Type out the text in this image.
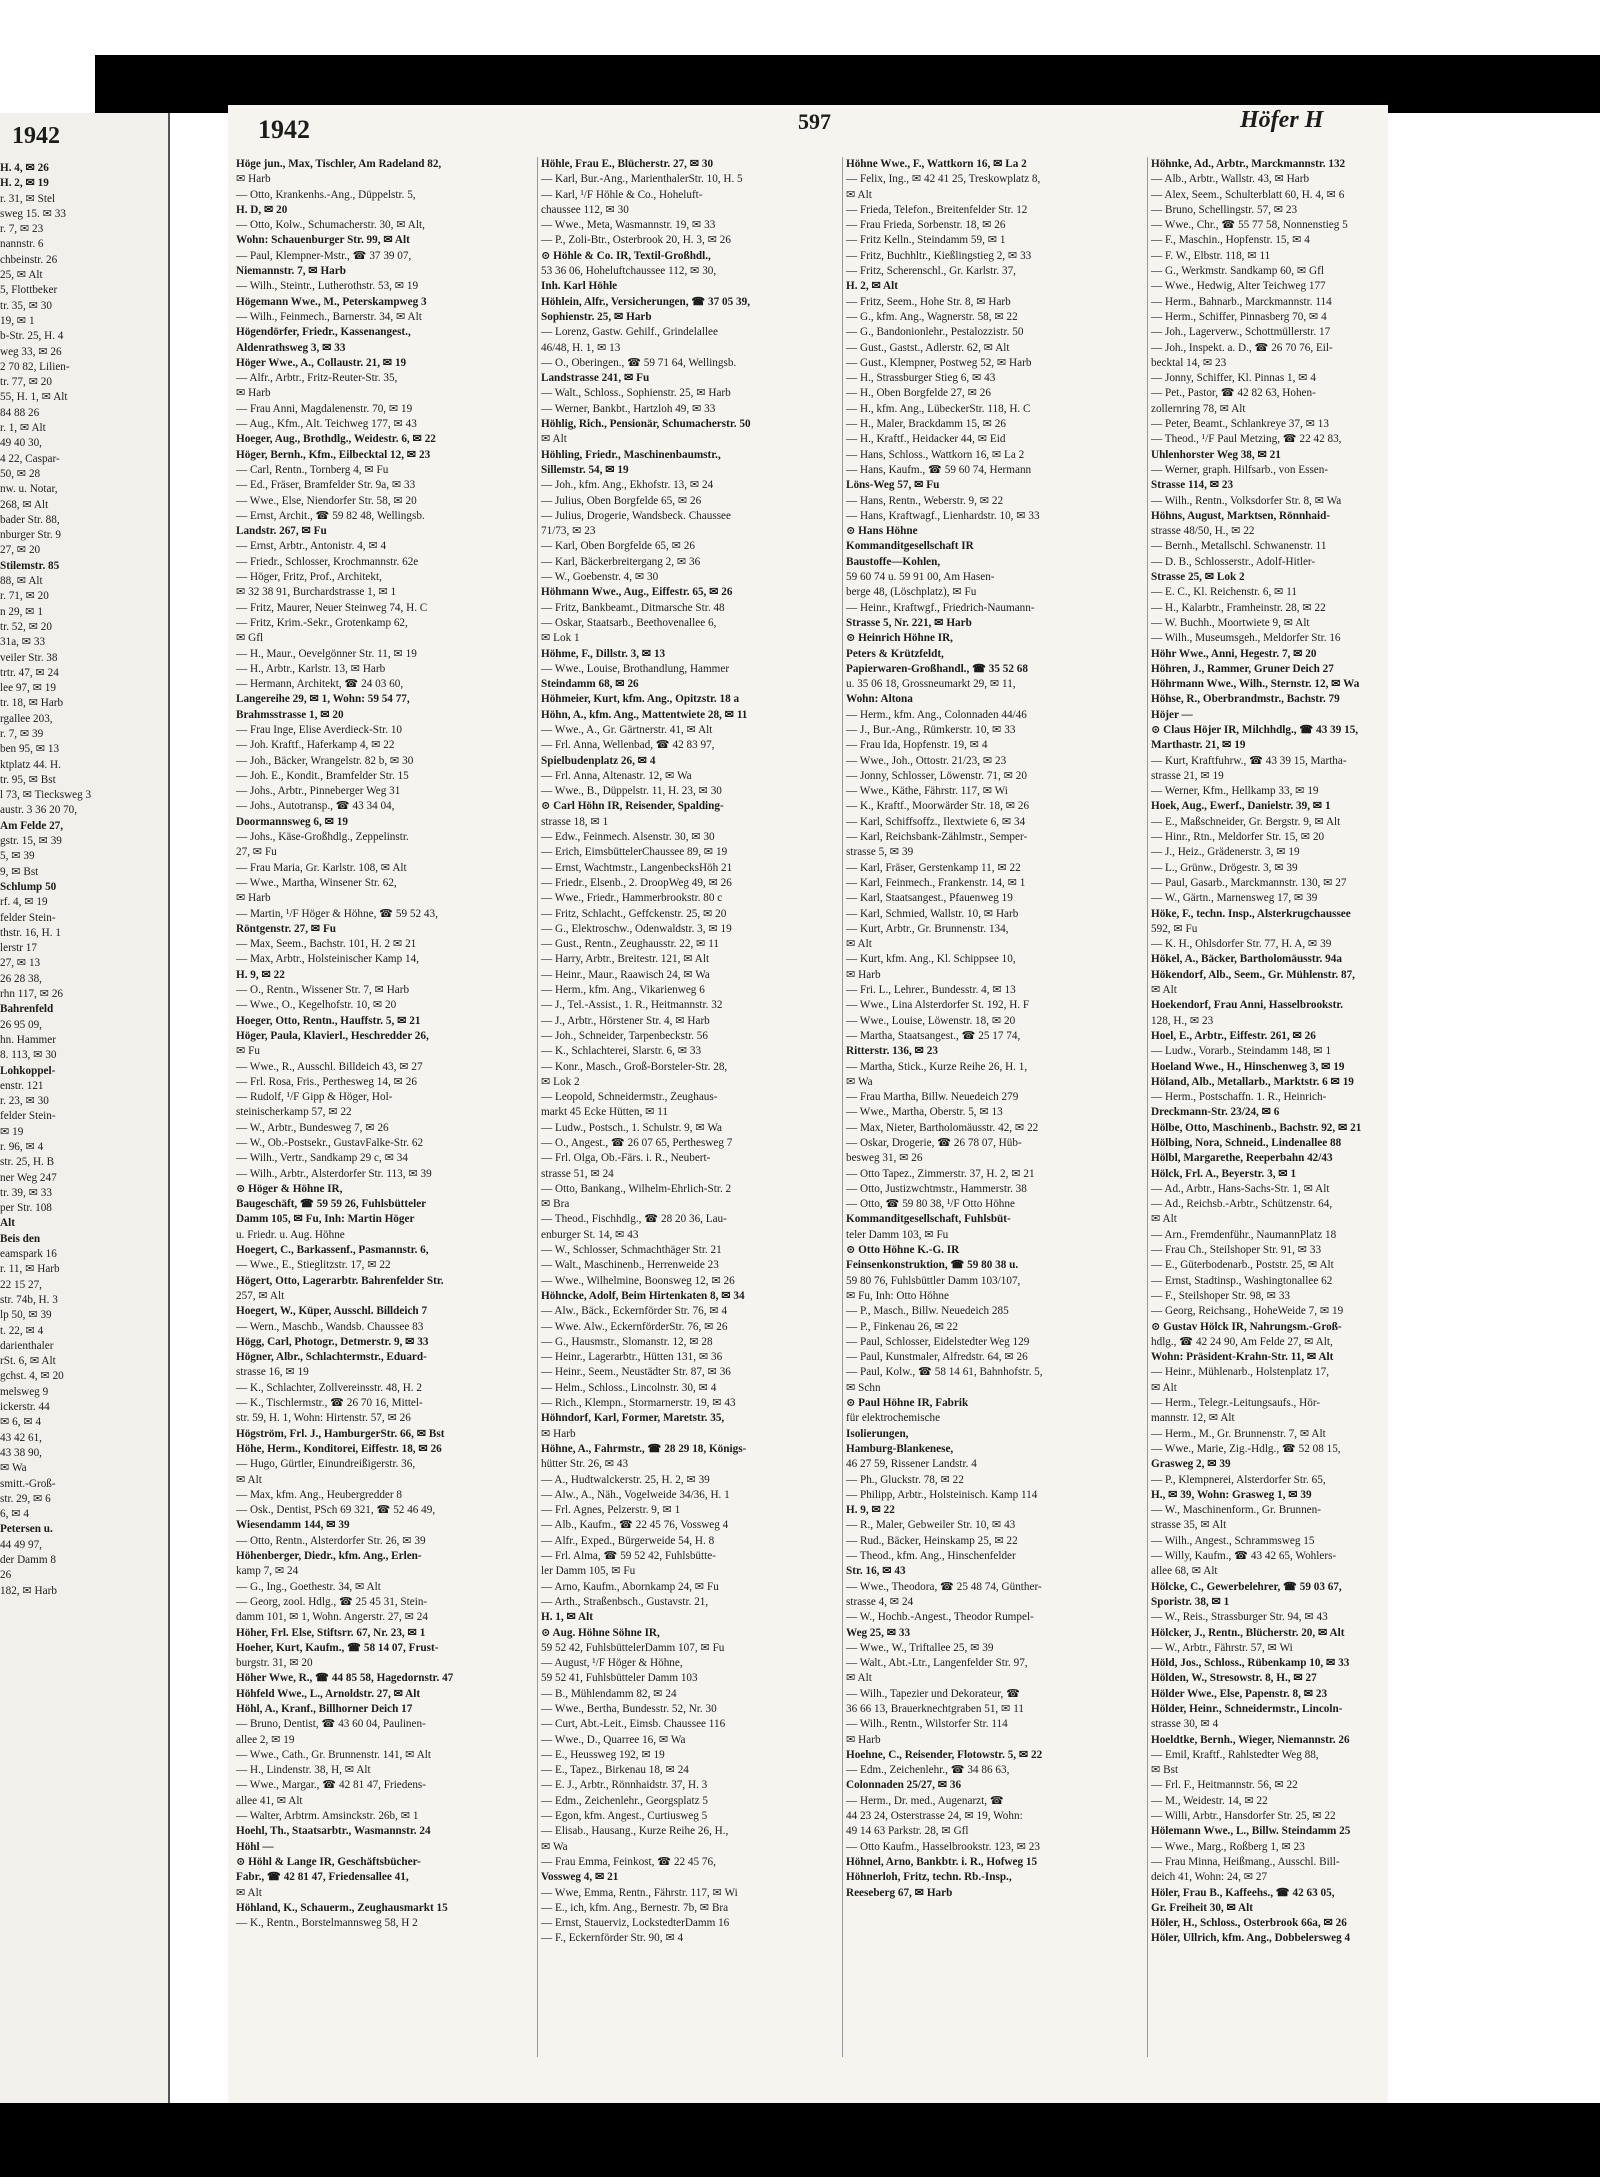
1942
H. 4, ✉ 26
H. 2, ✉ 19
r. 31, ✉ Stel
sweg 15. ✉ 33
r. 7, ✉ 23
nannstr. 6
chbeinstr. 26
25, ✉ Alt
5, Flottbeker
tr. 35, ✉ 30
19, ✉ 1
b-Str. 25, H. 4
weg 33, ✉ 26
2 70 82, Lilien-
tr. 77, ✉ 20
55, H. 1, ✉ Alt
84 88 26
r. 1, ✉ Alt
49 40 30,
4 22, Caspar-
50, ✉ 28
nw. u. Notar,
268, ✉ Alt
bader Str. 88,
nburger Str. 9
27, ✉ 20
Stilemstr. 85
88, ✉ Alt
r. 71, ✉ 20
n 29, ✉ 1
tr. 52, ✉ 20
31a, ✉ 33
veiler Str. 38
trtr. 47, ✉ 24
lee 97, ✉ 19
tr. 18, ✉ Harb
rgallee 203,
r. 7, ✉ 39
ben 95, ✉ 13
ktplatz 44. H.
tr. 95, ✉ Bst
l 73, ✉ Tiecksweg 3
austr. 3 36 20 70,
Am Felde 27,
gstr. 15, ✉ 39
5, ✉ 39
9, ✉ Bst
Schlump 50
rf. 4, ✉ 19
felder Stein-
thstr. 16, H. 1
lerstr 17
27, ✉ 13
26 28 38,
rhn 117, ✉ 26
Bahrenfeld
26 95 09,
hn. Hammer
8. 113, ✉ 30
Lohkoppel-
enstr. 121
r. 23, ✉ 30
felder Stein-
✉ 19
r. 96, ✉ 4
str. 25, H. B
ner Weg 247
tr. 39, ✉ 33
per Str. 108
Alt
Beis den
eamspark 16
r. 11, ✉ Harb
22 15 27,
str. 74b, H. 3
lp 50, ✉ 39
t. 22, ✉ 4
darienthaler
rSt. 6, ✉ Alt
gchst. 4, ✉ 20
melsweg 9
ickerstr. 44
✉ 6, ✉ 4
43 42 61,
43 38 90,
✉ Wa
smitt.-Groß-
str. 29, ✉ 6
6, ✉ 4
Petersen u.
44 49 97,
der Damm 8
26
182, ✉ Harb
1942	597	Höfer H
Höge jun., Max, Tischler, Am Radeland 82,
✉ Harb
— Otto, Krankenhs.-Ang., Düppelstr. 5,
H. D, ✉ 20
— Otto, Kolw., Schumacherstr. 30, ✉ Alt,
Wohn: Schauenburger Str. 99, ✉ Alt
— Paul, Klempner-Mstr., ☎ 37 39 07,
Niemannstr. 7, ✉ Harb
— Wilh., Steintr., Lutherothstr. 53, ✉ 19
Högemann Wwe., M., Peterskampweg 3
— Wilh., Feinmech., Barnerstr. 34, ✉ Alt
Högendörfer, Friedr., Kassenangest.,
Aldenrathsweg 3, ✉ 33
Höger Wwe., A., Collaustr. 21, ✉ 19
— Alfr., Arbtr., Fritz-Reuter-Str. 35,
✉ Harb
— Frau Anni, Magdalenenstr. 70, ✉ 19
— Aug., Kfm., Alt. Teichweg 177, ✉ 43
Hoeger, Aug., Brothdlg., Weidestr. 6, ✉ 22
Höger, Bernh., Kfm., Eilbecktal 12, ✉ 23
— Carl, Rentn., Tornberg 4, ✉ Fu
— Ed., Fräser, Bramfelder Str. 9a, ✉ 33
— Wwe., Else, Niendorfer Str. 58, ✉ 20
— Ernst, Archit., ☎ 59 82 48, Wellingsb.
Landstr. 267, ✉ Fu
— Ernst, Arbtr., Antonistr. 4, ✉ 4
— Friedr., Schlosser, Krochmannstr. 62e
— Höger, Fritz, Prof., Architekt,
✉ 32 38 91, Burchardstrasse 1, ✉ 1
— Fritz, Maurer, Neuer Steinweg 74, H. C
— Fritz, Krim.-Sekr., Grotenkamp 62,
✉ Gfl
— H., Maur., Oevelgönner Str. 11, ✉ 19
— H., Arbtr., Karlstr. 13, ✉ Harb
— Hermann, Architekt, ☎ 24 03 60,
Langereihe 29, ✉ 1, Wohn: 59 54 77,
Brahmsstrasse 1, ✉ 20
— Frau Inge, Elise Averdieck-Str. 10
— Joh. Kraftf., Haferkamp 4, ✉ 22
— Joh., Bäcker, Wrangelstr. 82 b, ✉ 30
— Joh. E., Kondit., Bramfelder Str. 15
— Johs., Arbtr., Pinneberger Weg 31
— Johs., Autotransp., ☎ 43 34 04,
Doormannsweg 6, ✉ 19
— Johs., Käse-Großhdlg., Zeppelinstr.
27, ✉ Fu
— Frau Maria, Gr. Karlstr. 108, ✉ Alt
— Wwe., Martha, Winsener Str. 62,
✉ Harb
— Martin, ¹/F Höger & Höhne, ☎ 59 52 43,
Röntgenstr. 27, ✉ Fu
— Max, Seem., Bachstr. 101, H. 2 ✉ 21
— Max, Arbtr., Holsteinischer Kamp 14,
H. 9, ✉ 22
— O., Rentn., Wissener Str. 7, ✉ Harb
— Wwe., O., Kegelhofstr. 10, ✉ 20
Hoeger, Otto, Rentn., Hauffstr. 5, ✉ 21
Höger, Paula, Klavierl., Heschredder 26,
✉ Fu
— Wwe., R., Ausschl. Billdeich 43, ✉ 27
— Frl. Rosa, Fris., Perthesweg 14, ✉ 26
— Rudolf, ¹/F Gipp & Höger, Hol-
steinischerkamp 57, ✉ 22
— W., Arbtr., Bundesweg 7, ✉ 26
— W., Ob.-Postsekr., GustavFalke-Str. 62
— Wilh., Vertr., Sandkamp 29 c, ✉ 34
— Wilh., Arbtr., Alsterdorfer Str. 113, ✉ 39
⊙ Höger & Höhne IR,
Baugeschäft, ☎ 59 59 26, Fuhlsbütteler
Damm 105, ✉ Fu, Inh: Martin Höger
u. Friedr. u. Aug. Höhne
Hoegert, C., Barkassenf., Pasmannstr. 6,
— Wwe., E., Stieglitzstr. 17, ✉ 22
Högert, Otto, Lagerarbtr. Bahrenfelder Str.
257, ✉ Alt
Hoegert, W., Küper, Ausschl. Billdeich 7
— Wern., Maschb., Wandsb. Chaussee 83
Högg, Carl, Photogr., Detmerstr. 9, ✉ 33
Högner, Albr., Schlachtermstr., Eduard-
strasse 16, ✉ 19
— K., Schlachter, Zollvereinsstr. 48, H. 2
— K., Tischlermstr., ☎ 26 70 16, Mittel-
str. 59, H. 1, Wohn: Hirtenstr. 57, ✉ 26
Högström, Frl. J., HamburgerStr. 66, ✉ Bst
Höhe, Herm., Konditorei, Eiffestr. 18, ✉ 26
— Hugo, Gürtler, Einundreißigerstr. 36,
✉ Alt
— Max, kfm. Ang., Heubergredder 8
— Osk., Dentist, PSch 69 321, ☎ 52 46 49,
Wiesendamm 144, ✉ 39
— Otto, Rentn., Alsterdorfer Str. 26, ✉ 39
Höhenberger, Diedr., kfm. Ang., Erlen-
kamp 7, ✉ 24
— G., Ing., Goethestr. 34, ✉ Alt
— Georg, zool. Hdlg., ☎ 25 45 31, Stein-
damm 101, ✉ 1, Wohn. Angerstr. 27, ✉ 24
Höher, Frl. Else, Stiftsrr. 67, Nr. 23, ✉ 1
Hoeher, Kurt, Kaufm., ☎ 58 14 07, Frust-
burgstr. 31, ✉ 20
Höher Wwe, R., ☎ 44 85 58, Hagedornstr. 47
Höhfeld Wwe., L., Arnoldstr. 27, ✉ Alt
Höhl, A., Kranf., Billhorner Deich 17
— Bruno, Dentist, ☎ 43 60 04, Paulinen-
allee 2, ✉ 19
— Wwe., Cath., Gr. Brunnenstr. 141, ✉ Alt
— H., Lindenstr. 38, H, ✉ Alt
— Wwe., Margar., ☎ 42 81 47, Friedens-
allee 41, ✉ Alt
— Walter, Arbtrm. Amsinckstr. 26b, ✉ 1
Hoehl, Th., Staatsarbtr., Wasmannstr. 24
Höhl —
⊙ Höhl & Lange IR, Geschäftsbücher-
Fabr., ☎ 42 81 47, Friedensallee 41,
✉ Alt
Höhland, K., Schauerm., Zeughausmarkt 15
— K., Rentn., Borstelmannsweg 58, H 2
Höhle, Frau E., Blücherstr. 27, ✉ 30
— Karl, Bur.-Ang., MarienthalerStr. 10, H. 5
— Karl, ¹/F Höhle & Co., Hoheluft-
chaussee 112, ✉ 30
— Wwe., Meta, Wasmannstr. 19, ✉ 33
— P., Zoli-Btr., Osterbrook 20, H. 3, ✉ 26
⊙ Höhle & Co. IR, Textil-Großhdl.,
53 36 06, Hoheluftchaussee 112, ✉ 30,
Inh. Karl Höhle
Höhlein, Alfr., Versicherungen, ☎ 37 05 39,
Sophienstr. 25, ✉ Harb
— Lorenz, Gastw. Gehilf., Grindelallee
46/48, H. 1, ✉ 13
— O., Oberingen., ☎ 59 71 64, Wellingsb.
Landstrasse 241, ✉ Fu
— Walt., Schloss., Sophienstr. 25, ✉ Harb
— Werner, Bankbt., Hartzloh 49, ✉ 33
Höhlig, Rich., Pensionär, Schumacherstr. 50
✉ Alt
Höhling, Friedr., Maschinenbaumstr.,
Sillemstr. 54, ✉ 19
— Joh., kfm. Ang., Ekhofstr. 13, ✉ 24
— Julius, Oben Borgfelde 65, ✉ 26
— Julius, Drogerie, Wandsbeck. Chaussee
71/73, ✉ 23
— Karl, Oben Borgfelde 65, ✉ 26
— Karl, Bäckerbreitergang 2, ✉ 36
— W., Goebenstr. 4, ✉ 30
Höhmann Wwe., Aug., Eiffestr. 65, ✉ 26
— Fritz, Bankbeamt., Ditmarsche Str. 48
— Oskar, Staatsarb., Beethovenallee 6,
✉ Lok 1
Höhme, F., Dillstr. 3, ✉ 13
— Wwe., Louise, Brothandlung, Hammer
Steindamm 68, ✉ 26
Höhmeier, Kurt, kfm. Ang., Opitzstr. 18 a
Höhn, A., kfm. Ang., Mattentwiete 28, ✉ 11
— Wwe., A., Gr. Gärtnerstr. 41, ✉ Alt
— Frl. Anna, Wellenbad, ☎ 42 83 97,
Spielbudenplatz 26, ✉ 4
— Frl. Anna, Altenastr. 12, ✉ Wa
— Wwe., B., Düppelstr. 11, H. 23, ✉ 30
⊙ Carl Höhn IR, Reisender, Spalding-
strasse 18, ✉ 1
— Edw., Feinmech. Alsenstr. 30, ✉ 30
— Erich, EimsbüttelerChaussee 89, ✉ 19
— Ernst, Wachtmstr., LangenbecksHöh 21
— Friedr., Elsenb., 2. DroopWeg 49, ✉ 26
— Wwe., Friedr., Hammerbrookstr. 80 c
— Fritz, Schlacht., Geffckenstr. 25, ✉ 20
— G., Elektroschw., Odenwaldstr. 3, ✉ 19
— Gust., Rentn., Zeughausstr. 22, ✉ 11
— Harry, Arbtr., Breitestr. 121, ✉ Alt
— Heinr., Maur., Raawisch 24, ✉ Wa
— Herm., kfm. Ang., Vikarienweg 6
— J., Tel.-Assist., 1. R., Heitmannstr. 32
— J., Arbtr., Hörstener Str. 4, ✉ Harb
— Joh., Schneider, Tarpenbeckstr. 56
— K., Schlachterei, Slarstr. 6, ✉ 33
— Konr., Masch., Groß-Borsteler-Str. 28,
✉ Lok 2
— Leopold, Schneidermstr., Zeughaus-
markt 45 Ecke Hütten, ✉ 11
— Ludw., Postsch., 1. Schulstr. 9, ✉ Wa
— O., Angest., ☎ 26 07 65, Perthesweg 7
— Frl. Olga, Ob.-Färs. i. R., Neubert-
strasse 51, ✉ 24
— Otto, Bankang., Wilhelm-Ehrlich-Str. 2
✉ Bra
— Theod., Fischhdlg., ☎ 28 20 36, Lau-
enburger St. 14, ✉ 43
— W., Schlosser, Schmachthäger Str. 21
— Walt., Maschinenb., Herrenweide 23
— Wwe., Wilhelmine, Boonsweg 12, ✉ 26
Höhncke, Adolf, Beim Hirtenkaten 8, ✉ 34
— Alw., Bäck., Eckernförder Str. 76, ✉ 4
— Wwe. Alw., EckernförderStr. 76, ✉ 26
— G., Hausmstr., Slomanstr. 12, ✉ 28
— Heinr., Lagerarbtr., Hütten 131, ✉ 36
— Heinr., Seem., Neustädter Str. 87, ✉ 36
— Helm., Schloss., Lincolnstr. 30, ✉ 4
— Rich., Klempn., Stormarnerstr. 19, ✉ 43
Höhndorf, Karl, Former, Maretstr. 35,
✉ Harb
Höhne, A., Fahrmstr., ☎ 28 29 18, Königs-
hütter Str. 26, ✉ 43
— A., Hudtwalckerstr. 25, H. 2, ✉ 39
— Alw., A., Näh., Vogelweide 34/36, H. 1
— Frl. Agnes, Pelzerstr. 9, ✉ 1
— Alb., Kaufm., ☎ 22 45 76, Vossweg 4
— Alfr., Exped., Bürgerweide 54, H. 8
— Frl. Alma, ☎ 59 52 42, Fuhlsbütte-
ler Damm 105, ✉ Fu
— Arno, Kaufm., Abornkamp 24, ✉ Fu
— Arth., Straßenbsch., Gustavstr. 21,
H. 1, ✉ Alt
⊙ Aug. Höhne Söhne IR,
59 52 42, FuhlsbüttelerDamm 107, ✉ Fu
— August, ¹/F Höger & Höhne,
59 52 41, Fuhlsbütteler Damm 103
— B., Mühlendamm 82, ✉ 24
— Wwe., Bertha, Bundesstr. 52, Nr. 30
— Curt, Abt.-Leit., Eimsb. Chaussee 116
— Wwe., D., Quarree 16, ✉ Wa
— E., Heussweg 192, ✉ 19
— E., Tapez., Birkenau 18, ✉ 24
— E. J., Arbtr., Rönnhaidstr. 37, H. 3
— Edm., Zeichenlehr., Georgsplatz 5
— Egon, kfm. Angest., Curtiusweg 5
— Elisab., Hausang., Kurze Reihe 26, H.,
✉ Wa
— Frau Emma, Feinkost, ☎ 22 45 76,
Vossweg 4, ✉ 21
— Wwe, Emma, Rentn., Fährstr. 117, ✉ Wi
— E., ich, kfm. Ang., Bernestr. 7b, ✉ Bra
— Ernst, Stauerviz, LockstedterDamm 16
— F., Eckernförder Str. 90, ✉ 4
Höhne Wwe., F., Wattkorn 16, ✉ La 2
— Felix, Ing., ✉ 42 41 25, Treskowplatz 8,
✉ Alt
— Frieda, Telefon., Breitenfelder Str. 12
— Frau Frieda, Sorbenstr. 18, ✉ 26
— Fritz Kelln., Steindamm 59, ✉ 1
— Fritz, Buchhltr., Kießlingstieg 2, ✉ 33
— Fritz, Scherenschl., Gr. Karlstr. 37,
H. 2, ✉ Alt
— Fritz, Seem., Hohe Str. 8, ✉ Harb
— G., kfm. Ang., Wagnerstr. 58, ✉ 22
— G., Bandonionlehr., Pestalozzistr. 50
— Gust., Gastst., Adlerstr. 62, ✉ Alt
— Gust., Klempner, Postweg 52, ✉ Harb
— H., Strassburger Stieg 6, ✉ 43
— H., Oben Borgfelde 27, ✉ 26
— H., kfm. Ang., LübeckerStr. 118, H. C
— H., Maler, Brackdamm 15, ✉ 26
— H., Kraftf., Heidacker 44, ✉ Eid
— Hans, Schloss., Wattkorn 16, ✉ La 2
— Hans, Kaufm., ☎ 59 60 74, Hermann
Löns-Weg 57, ✉ Fu
— Hans, Rentn., Weberstr. 9, ✉ 22
— Hans, Kraftwagf., Lienhardstr. 10, ✉ 33
⊙ Hans Höhne
Kommanditgesellschaft IR
Baustoffe—Kohlen,
59 60 74 u. 59 91 00, Am Hasen-
berge 48, (Löschplatz), ✉ Fu
— Heinr., Kraftwgf., Friedrich-Naumann-
Strasse 5, Nr. 221, ✉ Harb
⊙ Heinrich Höhne IR,
Peters & Krützfeldt,
Papierwaren-Großhandl., ☎ 35 52 68
u. 35 06 18, Grossneumarkt 29, ✉ 11,
Wohn: Altona
— Herm., kfm. Ang., Colonnaden 44/46
— J., Bur.-Ang., Rümkerstr. 10, ✉ 33
— Frau Ida, Hopfenstr. 19, ✉ 4
— Wwe., Joh., Ottostr. 21/23, ✉ 23
— Jonny, Schlosser, Löwenstr. 71, ✉ 20
— Wwe., Käthe, Fährstr. 117, ✉ Wi
— K., Kraftf., Moorwärder Str. 18, ✉ 26
— Karl, Schiffsoffz., Ilextwiete 6, ✉ 34
— Karl, Reichsbank-Zählmstr., Semper-
strasse 5, ✉ 39
— Karl, Fräser, Gerstenkamp 11, ✉ 22
— Karl, Feinmech., Frankenstr. 14, ✉ 1
— Karl, Staatsangest., Pfauenweg 19
— Karl, Schmied, Wallstr. 10, ✉ Harb
— Kurt, Arbtr., Gr. Brunnenstr. 134,
✉ Alt
— Kurt, kfm. Ang., Kl. Schippsee 10,
✉ Harb
— Fri. L., Lehrer., Bundesstr. 4, ✉ 13
— Wwe., Lina Alsterdorfer St. 192, H. F
— Wwe., Louise, Löwenstr. 18, ✉ 20
— Martha, Staatsangest., ☎ 25 17 74,
Ritterstr. 136, ✉ 23
— Martha, Stick., Kurze Reihe 26, H. 1,
✉ Wa
— Frau Martha, Billw. Neuedeich 279
— Wwe., Martha, Oberstr. 5, ✉ 13
— Max, Nieter, Bartholomäusstr. 42, ✉ 22
— Oskar, Drogerie, ☎ 26 78 07, Hüb-
besweg 31, ✉ 26
— Otto Tapez., Zimmerstr. 37, H. 2, ✉ 21
— Otto, Justizwchtmstr., Hammerstr. 38
— Otto, ☎ 59 80 38, ¹/F Otto Höhne
Kommanditgesellschaft, Fuhlsbüt-
teler Damm 103, ✉ Fu
⊙ Otto Höhne K.-G. IR
Feinsenkonstruktion, ☎ 59 80 38 u.
59 80 76, Fuhlsbüttler Damm 103/107,
✉ Fu, Inh: Otto Höhne
— P., Masch., Billw. Neuedeich 285
— P., Finkenau 26, ✉ 22
— Paul, Schlosser, Eidelstedter Weg 129
— Paul, Kunstmaler, Alfredstr. 64, ✉ 26
— Paul, Kolw., ☎ 58 14 61, Bahnhofstr. 5,
✉ Schn
⊙ Paul Höhne IR, Fabrik
für elektrochemische
Isolierungen,
Hamburg-Blankenese,
46 27 59, Rissener Landstr. 4
— Ph., Gluckstr. 78, ✉ 22
— Philipp, Arbtr., Holsteinisch. Kamp 114
H. 9, ✉ 22
— R., Maler, Gebweiler Str. 10, ✉ 43
— Rud., Bäcker, Heinskamp 25, ✉ 22
— Theod., kfm. Ang., Hinschenfelder
Str. 16, ✉ 43
— Wwe., Theodora, ☎ 25 48 74, Günther-
strasse 4, ✉ 24
— W., Hochb.-Angest., Theodor Rumpel-
Weg 25, ✉ 33
— Wwe., W., Triftallee 25, ✉ 39
— Walt., Abt.-Ltr., Langenfelder Str. 97,
✉ Alt
— Wilh., Tapezier und Dekorateur, ☎
36 66 13, Brauerknechtgraben 51, ✉ 11
— Wilh., Rentn., Wilstorfer Str. 114
✉ Harb
Hoehne, C., Reisender, Flotowstr. 5, ✉ 22
— Edm., Zeichenlehr., ☎ 34 86 63,
Colonnaden 25/27, ✉ 36
— Herm., Dr. med., Augenarzt, ☎
44 23 24, Osterstrasse 24, ✉ 19, Wohn:
49 14 63 Parkstr. 28, ✉ Gfl
— Otto Kaufm., Hasselbrookstr. 123, ✉ 23
Höhnel, Arno, Bankbtr. i. R., Hofweg 15
Höhnerloh, Fritz, techn. Rb.-Insp.,
Reeseberg 67, ✉ Harb
Höhnke, Ad., Arbtr., Marckmannstr. 132
— Alb., Arbtr., Wallstr. 43, ✉ Harb
— Alex, Seem., Schulterblatt 60, H. 4, ✉ 6
— Bruno, Schellingstr. 57, ✉ 23
— Wwe., Chr., ☎ 55 77 58, Nonnenstieg 5
— F., Maschin., Hopfenstr. 15, ✉ 4
— F. W., Elbstr. 118, ✉ 11
— G., Werkmstr. Sandkamp 60, ✉ Gfl
— Wwe., Hedwig, Alter Teichweg 177
— Herm., Bahnarb., Marckmannstr. 114
— Herm., Schiffer, Pinnasberg 70, ✉ 4
— Joh., Lagerverw., Schottmüllerstr. 17
— Joh., Inspekt. a. D., ☎ 26 70 76, Eil-
becktal 14, ✉ 23
— Jonny, Schiffer, Kl. Pinnas 1, ✉ 4
— Pet., Pastor, ☎ 42 82 63, Hohen-
zollernring 78, ✉ Alt
— Peter, Beamt., Schlankreye 37, ✉ 13
— Theod., ¹/F Paul Metzing, ☎ 22 42 83,
Uhlenhorster Weg 38, ✉ 21
— Werner, graph. Hilfsarb., von Essen-
Strasse 114, ✉ 23
— Wilh., Rentn., Volksdorfer Str. 8, ✉ Wa
Höhns, August, Marktsen, Rönnhaid-
strasse 48/50, H., ✉ 22
— Bernh., Metallschl. Schwanenstr. 11
— D. B., Schlosserstr., Adolf-Hitler-
Strasse 25, ✉ Lok 2
— E. C., Kl. Reichenstr. 6, ✉ 11
— H., Kalarbtr., Framheinstr. 28, ✉ 22
— W. Buchh., Moortwiete 9, ✉ Alt
— Wilh., Museumsgeh., Meldorfer Str. 16
Höhr Wwe., Anni, Hegestr. 7, ✉ 20
Höhren, J., Rammer, Gruner Deich 27
Höhrmann Wwe., Wilh., Sternstr. 12, ✉ Wa
Höhse, R., Oberbrandmstr., Bachstr. 79
Höjer —
⊙ Claus Höjer IR, Milchhdlg., ☎ 43 39 15,
Marthastr. 21, ✉ 19
— Kurt, Kraftfuhrw., ☎ 43 39 15, Martha-
strasse 21, ✉ 19
— Werner, Kfm., Hellkamp 33, ✉ 19
Hoek, Aug., Ewerf., Danielstr. 39, ✉ 1
— E., Maßschneider, Gr. Bergstr. 9, ✉ Alt
— Hinr., Rtn., Meldorfer Str. 15, ✉ 20
— J., Heiz., Grädenerstr. 3, ✉ 19
— L., Grünw., Drögestr. 3, ✉ 39
— Paul, Gasarb., Marckmannstr. 130, ✉ 27
— W., Gärtn., Marnensweg 17, ✉ 39
Höke, F., techn. Insp., Alsterkrugchaussee
592, ✉ Fu
— K. H., Ohlsdorfer Str. 77, H. A, ✉ 39
Hökel, A., Bäcker, Bartholomäusstr. 94a
Hökendorf, Alb., Seem., Gr. Mühlenstr. 87,
✉ Alt
Hoekendorf, Frau Anni, Hasselbrookstr.
128, H., ✉ 23
Hoel, E., Arbtr., Eiffestr. 261, ✉ 26
— Ludw., Vorarb., Steindamm 148, ✉ 1
Hoeland Wwe., H., Hinschenweg 3, ✉ 19
Höland, Alb., Metallarb., Marktstr. 6 ✉ 19
— Herm., Postschaffn. 1. R., Heinrich-
Dreckmann-Str. 23/24, ✉ 6
Hölbe, Otto, Maschinenb., Bachstr. 92, ✉ 21
Hölbing, Nora, Schneid., Lindenallee 88
Hölbl, Margarethe, Reeperbahn 42/43
Hölck, Frl. A., Beyerstr. 3, ✉ 1
— Ad., Arbtr., Hans-Sachs-Str. 1, ✉ Alt
— Ad., Reichsb.-Arbtr., Schützenstr. 64,
✉ Alt
— Arn., Fremdenführ., NaumannPlatz 18
— Frau Ch., Steilshoper Str. 91, ✉ 33
— E., Güterbodenarb., Poststr. 25, ✉ Alt
— Ernst, Stadtinsp., Washingtonallee 62
— F., Steilshoper Str. 98, ✉ 33
— Georg, Reichsang., HoheWeide 7, ✉ 19
⊙ Gustav Hölck IR, Nahrungsm.-Groß-
hdlg., ☎ 42 24 90, Am Felde 27, ✉ Alt,
Wohn: Präsident-Krahn-Str. 11, ✉ Alt
— Heinr., Mühlenarb., Holstenplatz 17,
✉ Alt
— Herm., Telegr.-Leitungsaufs., Hör-
mannstr. 12, ✉ Alt
— Herm., M., Gr. Brunnenstr. 7, ✉ Alt
— Wwe., Marie, Zig.-Hdlg., ☎ 52 08 15,
Grasweg 2, ✉ 39
— P., Klempnerei, Alsterdorfer Str. 65,
H., ✉ 39, Wohn: Grasweg 1, ✉ 39
— W., Maschinenform., Gr. Brunnen-
strasse 35, ✉ Alt
— Wilh., Angest., Schrammsweg 15
— Willy, Kaufm., ☎ 43 42 65, Wohlers-
allee 68, ✉ Alt
Hölcke, C., Gewerbelehrer, ☎ 59 03 67,
Sporistr. 38, ✉ 1
— W., Reis., Strassburger Str. 94, ✉ 43
Hölcker, J., Rentn., Blücherstr. 20, ✉ Alt
— W., Arbtr., Fährstr. 57, ✉ Wi
Höld, Jos., Schloss., Rübenkamp 10, ✉ 33
Hölden, W., Stresowstr. 8, H., ✉ 27
Hölder Wwe., Else, Papenstr. 8, ✉ 23
Hölder, Heinr., Schneidermstr., Lincoln-
strasse 30, ✉ 4
Hoeldtke, Bernh., Wieger, Niemannstr. 26
— Emil, Kraftf., Rahlstedter Weg 88,
✉ Bst
— Frl. F., Heitmannstr. 56, ✉ 22
— M., Weidestr. 14, ✉ 22
— Willi, Arbtr., Hansdorfer Str. 25, ✉ 22
Hölemann Wwe., L., Billw. Steindamm 25
— Wwe., Marg., Roßberg 1, ✉ 23
— Frau Minna, Heißmang., Ausschl. Bill-
deich 41, Wohn: 24, ✉ 27
Höler, Frau B., Kaffeehs., ☎ 42 63 05,
Gr. Freiheit 30, ✉ Alt
Höler, H., Schloss., Osterbrook 66a, ✉ 26
Höler, Ullrich, kfm. Ang., Dobbelersweg 4
